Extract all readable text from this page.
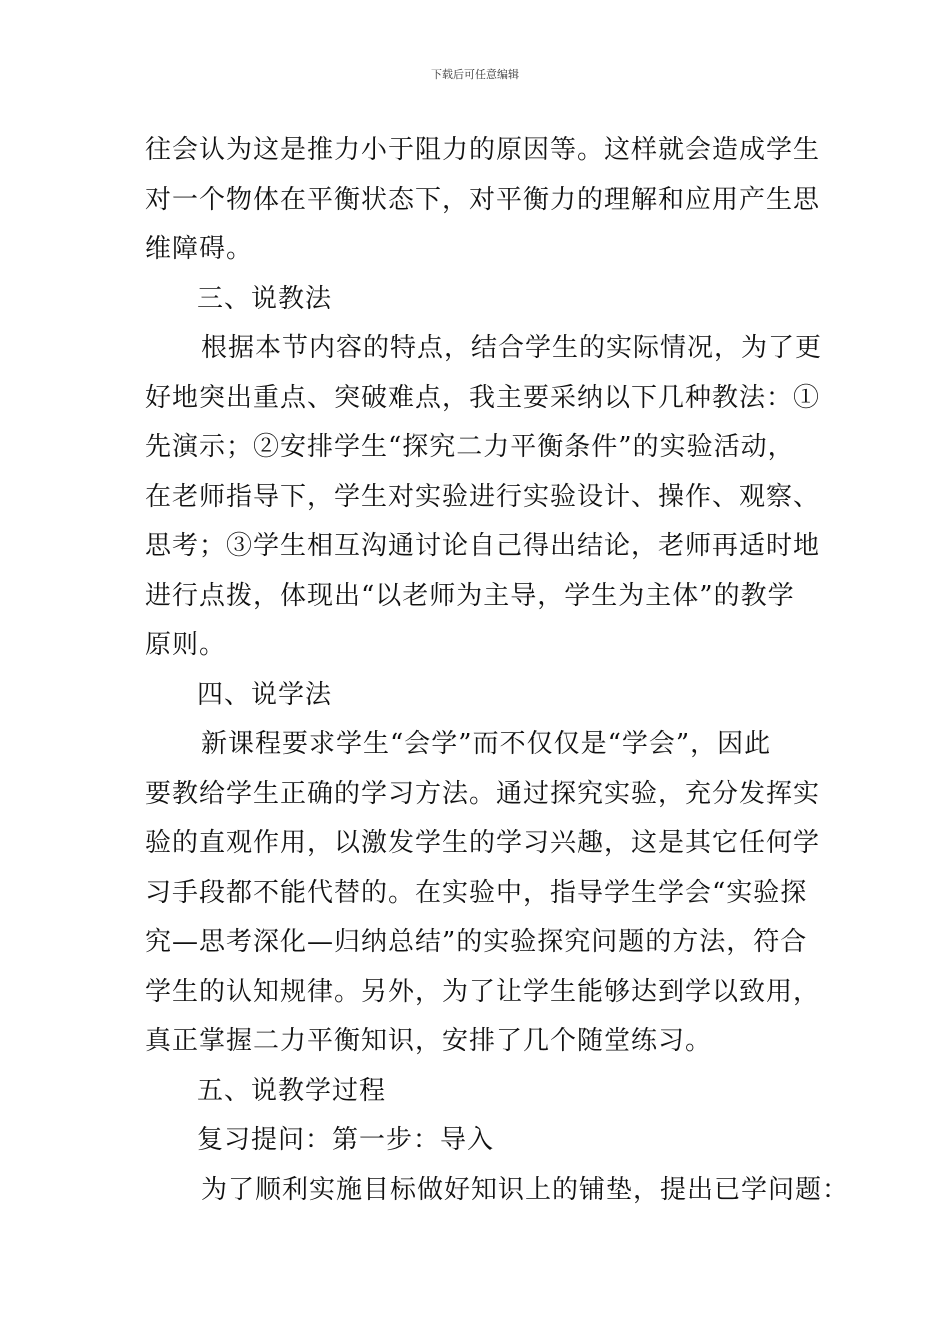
下载后可任意编辑
往会认为这是推力小于阻力的原因等。这样就会造成学生
对一个物体在平衡状态下，对平衡力的理解和应用产生思
维障碍。
三、说教法
根据本节内容的特点，结合学生的实际情况，为了更
好地突出重点、突破难点，我主要采纳以下几种教法：①
先演示；②安排学生“探究二力平衡条件”的实验活动，
在老师指导下，学生对实验进行实验设计、操作、观察、
思考；③学生相互沟通讨论自己得出结论，老师再适时地
进行点拨，体现出“以老师为主导，学生为主体”的教学
原则。
四、说学法
新课程要求学生“会学”而不仅仅是“学会”，因此
要教给学生正确的学习方法。通过探究实验，充分发挥实
验的直观作用，以激发学生的学习兴趣，这是其它任何学
习手段都不能代替的。在实验中，指导学生学会“实验探
究—思考深化—归纳总结”的实验探究问题的方法，符合
学生的认知规律。另外，为了让学生能够达到学以致用，
真正掌握二力平衡知识，安排了几个随堂练习。
五、说教学过程
复习提问：第一步：导入
为了顺利实施目标做好知识上的铺垫，提出已学问题：
